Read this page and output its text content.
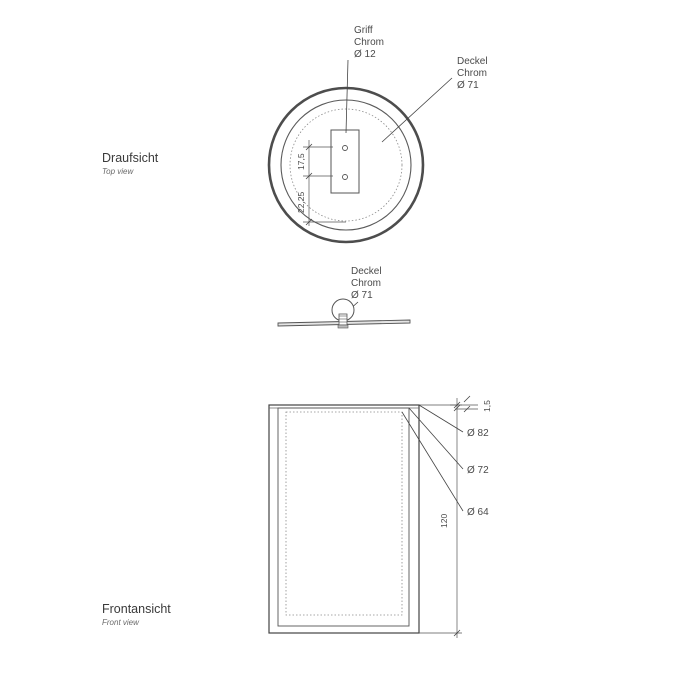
Draufsicht
Top view
Griff
Chrom
Ø 12
Deckel
Chrom
Ø 71
17,5
22,25
Deckel
Chrom
Ø 71
Frontansicht
Front view
120
1,5
Ø 82
Ø 72
Ø 64
